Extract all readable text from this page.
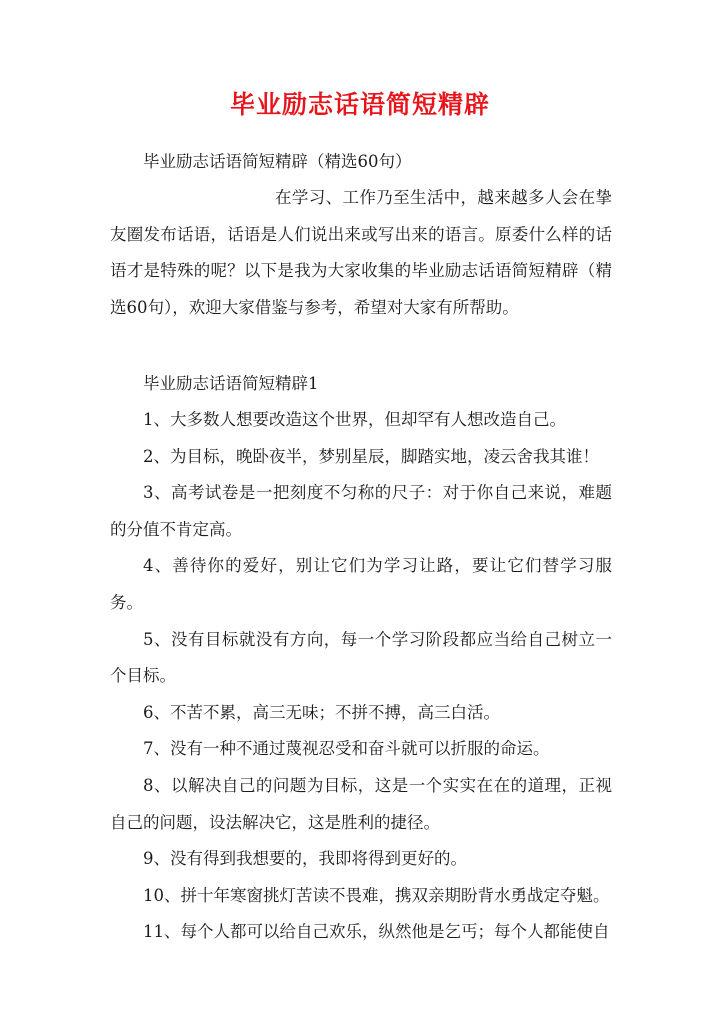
毕业励志话语简短精辟
毕业励志话语简短精辟（精选60句）
在学习、工作乃至生活中，越来越多人会在挚友圈发布话语，话语是人们说出来或写出来的语言。原委什么样的话语才是特殊的呢？以下是我为大家收集的毕业励志话语简短精辟（精选60句），欢迎大家借鉴与参考，希望对大家有所帮助。
毕业励志话语简短精辟1

1、大多数人想要改造这个世界，但却罕有人想改造自己。

2、为目标，晚卧夜半，梦别星辰，脚踏实地，凌云舍我其谁！

3、高考试卷是一把刻度不匀称的尺子：对于你自己来说，难题的分值不肯定高。

4、善待你的爱好，别让它们为学习让路，要让它们替学习服务。

5、没有目标就没有方向，每一个学习阶段都应当给自己树立一个目标。

6、不苦不累，高三无味；不拼不搏，高三白活。

7、没有一种不通过蔑视忍受和奋斗就可以折服的命运。

8、以解决自己的问题为目标，这是一个实实在在的道理，正视自己的问题，设法解决它，这是胜利的捷径。

9、没有得到我想要的，我即将得到更好的。

10、拼十年寒窗挑灯苦读不畏难，携双亲期盼背水勇战定夺魁。

11、每个人都可以给自己欢乐，纵然他是乞丐；每个人都能使自
